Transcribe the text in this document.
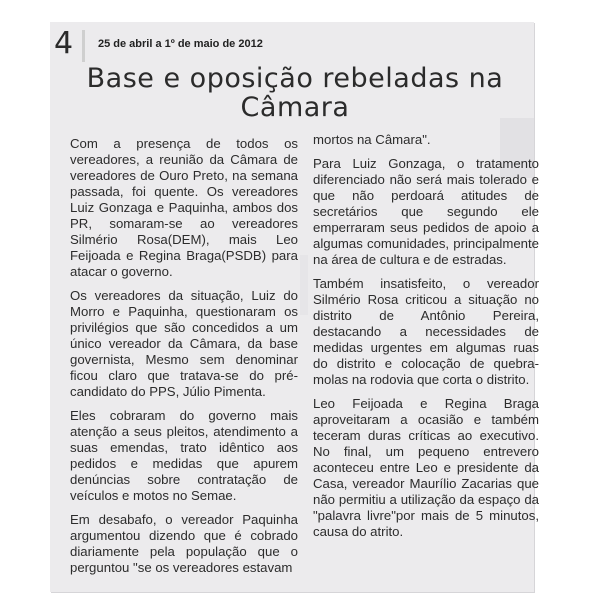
4 25 de abril a 1º de maio de 2012
Base e oposição rebeladas na Câmara

Com a presença de todos os vereadores, a reunião da Câmara de vereadores de Ouro Preto, na semana passada, foi quente. Os vereadores Luiz Gonzaga e Paquinha, ambos dos PR, somaram-se ao vereadores Silmério Rosa(DEM), mais Leo Feijoada e Regina Braga(PSDB) para atacar o governo.

Os vereadores da situação, Luiz do Morro e Paquinha, questionaram os privilégios que são concedidos a um único vereador da Câmara, da base governista, Mesmo sem denominar ficou claro que tratava-se do pré-candidato do PPS, Júlio Pimenta.

Eles cobraram do governo mais atenção a seus pleitos, atendimento a suas emendas, trato idêntico aos pedidos e medidas que apurem denúncias sobre contratação de veículos e motos no Semae.

Em desabafo, o vereador Paquinha argumentou dizendo que é cobrado diariamente pela população que o perguntou "se os vereadores estavam

mortos na Câmara".

Para Luiz Gonzaga, o tratamento diferenciado não será mais tolerado e que não perdoará atitudes de secretários que segundo ele emperraram seus pedidos de apoio a algumas comunidades, principalmente na área de cultura e de estradas.

Também insatisfeito, o vereador Silmério Rosa criticou a situação no distrito de Antônio Pereira, destacando a necessidades de medidas urgentes em algumas ruas do distrito e colocação de quebra-molas na rodovia que corta o distrito.

Leo Feijoada e Regina Braga aproveitaram a ocasião e também teceram duras críticas ao executivo. No final, um pequeno entrevero aconteceu entre Leo e presidente da Casa, vereador Maurílio Zacarias que não permitiu a utilização da espaço da "palavra livre"por mais de 5 minutos, causa do atrito.
